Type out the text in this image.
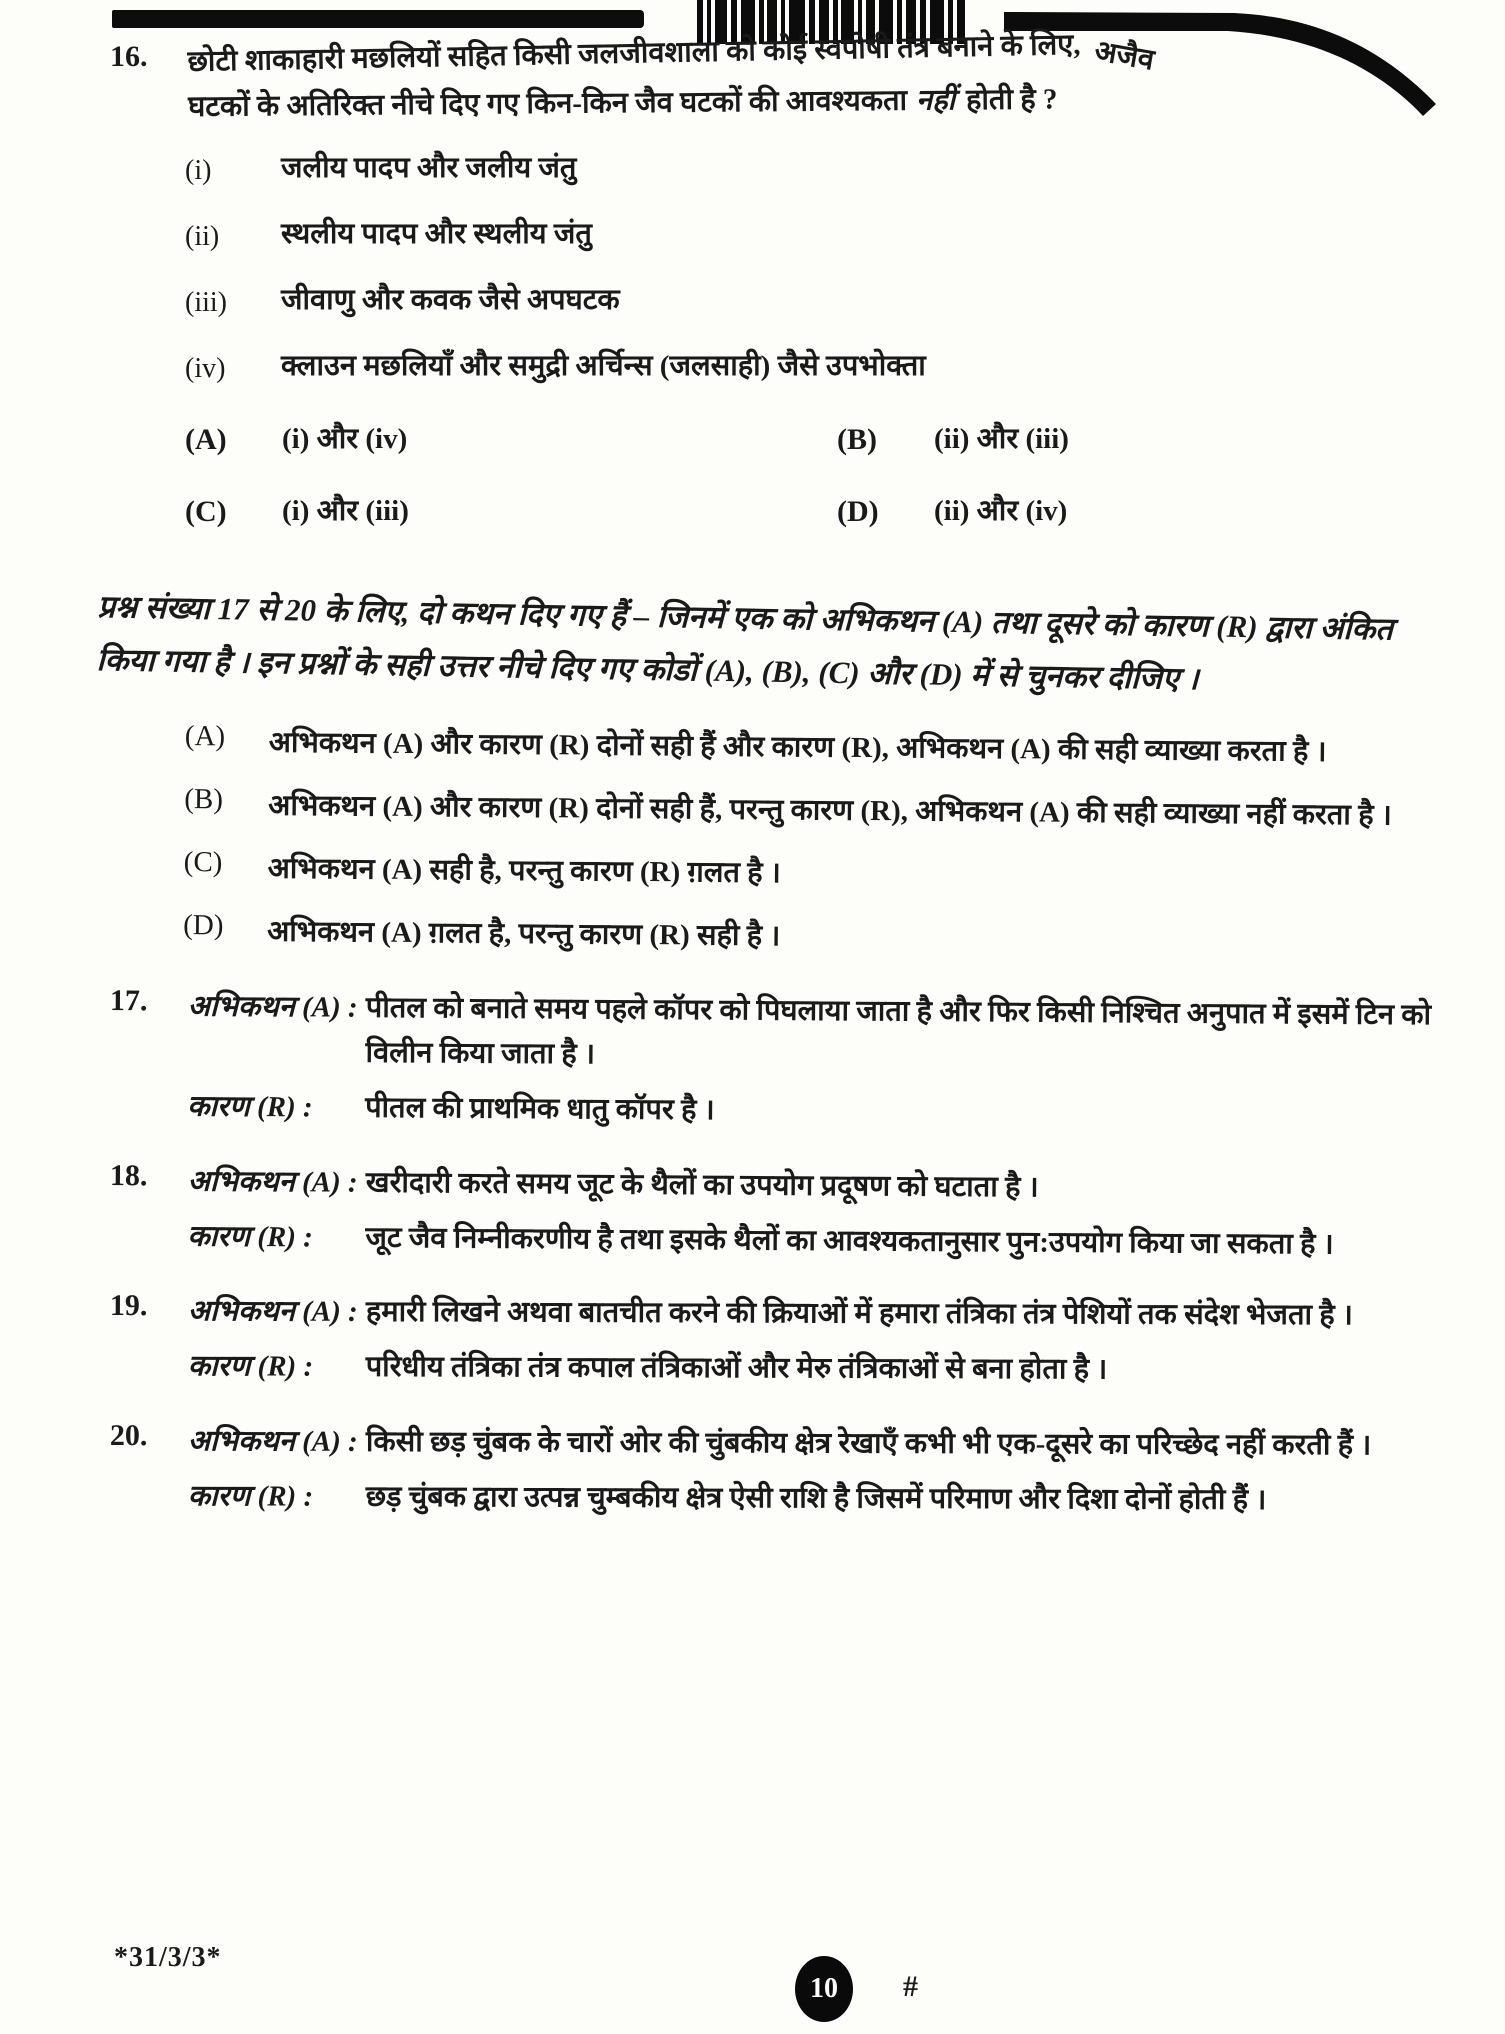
16.	छोटी शाकाहारी मछलियों सहित किसी जलजीवशाला को कोई स्वपोषी तंत्र बनाने के लिए, अजैव
घटकों के अतिरिक्त नीचे दिए गए किन-किन जैव घटकों की आवश्यकता नहीं होती है ?
(i)	जलीय पादप और जलीय जंतु
(ii)	स्थलीय पादप और स्थलीय जंतु
(iii)	जीवाणु और कवक जैसे अपघटक
(iv)	क्लाउन मछलियाँ और समुद्री अर्चिन्स (जलसाही) जैसे उपभोक्ता
(A)	(i) और (iv)	(B)	(ii) और (iii)
(C)	(i) और (iii)	(D)	(ii) और (iv)

प्रश्न संख्या 17 से 20 के लिए, दो कथन दिए गए हैं – जिनमें एक को अभिकथन (A) तथा दूसरे को कारण (R) द्वारा अंकित किया गया है । इन प्रश्नों के सही उत्तर नीचे दिए गए कोडों (A), (B), (C) और (D) में से चुनकर दीजिए ।

(A)	अभिकथन (A) और कारण (R) दोनों सही हैं और कारण (R), अभिकथन (A) की सही व्याख्या करता है ।
(B)	अभिकथन (A) और कारण (R) दोनों सही हैं, परन्तु कारण (R), अभिकथन (A) की सही व्याख्या नहीं करता है ।
(C)	अभिकथन (A) सही है, परन्तु कारण (R) ग़लत है ।
(D)	अभिकथन (A) ग़लत है, परन्तु कारण (R) सही है ।
17.	अभिकथन (A) : पीतल को बनाते समय पहले कॉपर को पिघलाया जाता है और फिर किसी निश्चित अनुपात में इसमें टिन को विलीन किया जाता है ।
कारण (R) :	पीतल की प्राथमिक धातु कॉपर है ।
18.	अभिकथन (A) : खरीदारी करते समय जूट के थैलों का उपयोग प्रदूषण को घटाता है ।
कारण (R) :	जूट जैव निम्नीकरणीय है तथा इसके थैलों का आवश्यकतानुसार पुन:उपयोग किया जा सकता है ।
19.	अभिकथन (A) : हमारी लिखने अथवा बातचीत करने की क्रियाओं में हमारा तंत्रिका तंत्र पेशियों तक संदेश भेजता है ।
कारण (R) :	परिधीय तंत्रिका तंत्र कपाल तंत्रिकाओं और मेरु तंत्रिकाओं से बना होता है ।
20.	अभिकथन (A) : किसी छड़ चुंबक के चारों ओर की चुंबकीय क्षेत्र रेखाएँ कभी भी एक-दूसरे का परिच्छेद नहीं करती हैं ।
कारण (R) :	छड़ चुंबक द्वारा उत्पन्न चुम्बकीय क्षेत्र ऐसी राशि है जिसमें परिमाण और दिशा दोनों होती हैं ।
*31/3/3*
10 #
